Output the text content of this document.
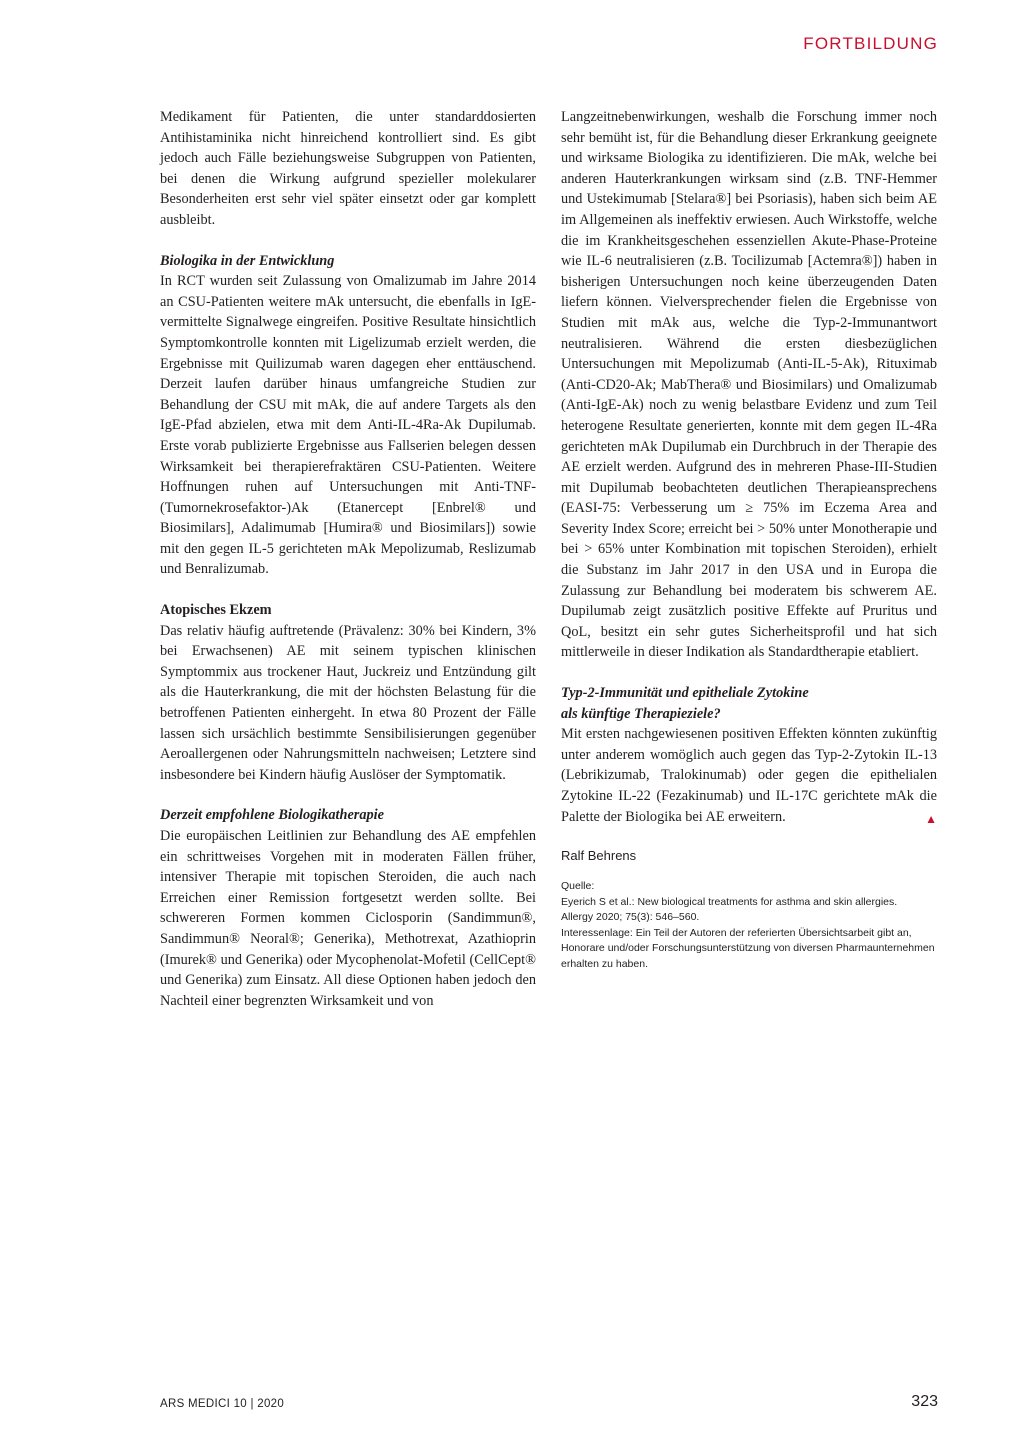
FORTBILDUNG

Medikament für Patienten, die unter standarddosierten Antihistaminika nicht hinreichend kontrolliert sind. Es gibt jedoch auch Fälle beziehungsweise Subgruppen von Patienten, bei denen die Wirkung aufgrund spezieller molekularer Besonderheiten erst sehr viel später einsetzt oder gar komplett ausbleibt.

Biologika in der Entwicklung

In RCT wurden seit Zulassung von Omalizumab im Jahre 2014 an CSU-Patienten weitere mAk untersucht, die ebenfalls in IgE-vermittelte Signalwege eingreifen. Positive Resultate hinsichtlich Symptomkontrolle konnten mit Ligelizumab erzielt werden, die Ergebnisse mit Quilizumab waren dagegen eher enttäuschend. Derzeit laufen darüber hinaus umfangreiche Studien zur Behandlung der CSU mit mAk, die auf andere Targets als den IgE-Pfad abzielen, etwa mit dem Anti-IL-4Ra-Ak Dupilumab. Erste vorab publizierte Ergebnisse aus Fallserien belegen dessen Wirksamkeit bei therapierefraktären CSU-Patienten. Weitere Hoffnungen ruhen auf Untersuchungen mit Anti-TNF-(Tumornekrosefaktor-)Ak (Etanercept [Enbrel® und Biosimilars], Adalimumab [Humira® und Biosimilars]) sowie mit den gegen IL-5 gerichteten mAk Mepolizumab, Reslizumab und Benralizumab.

Atopisches Ekzem

Das relativ häufig auftretende (Prävalenz: 30% bei Kindern, 3% bei Erwachsenen) AE mit seinem typischen klinischen Symptommix aus trockener Haut, Juckreiz und Entzündung gilt als die Hauterkrankung, die mit der höchsten Belastung für die betroffenen Patienten einhergeht. In etwa 80 Prozent der Fälle lassen sich ursächlich bestimmte Sensibilisierungen gegenüber Aeroallergenen oder Nahrungsmitteln nachweisen; Letztere sind insbesondere bei Kindern häufig Auslöser der Symptomatik.

Derzeit empfohlene Biologikatherapie

Die europäischen Leitlinien zur Behandlung des AE empfehlen ein schrittweises Vorgehen mit in moderaten Fällen früher, intensiver Therapie mit topischen Steroiden, die auch nach Erreichen einer Remission fortgesetzt werden sollte. Bei schwereren Formen kommen Ciclosporin (Sandimmun®, Sandimmun® Neoral®; Generika), Methotrexat, Azathioprin (Imurek® und Generika) oder Mycophenolat-Mofetil (CellCept® und Generika) zum Einsatz. All diese Optionen haben jedoch den Nachteil einer begrenzten Wirksamkeit und von

Langzeitnebenwirkungen, weshalb die Forschung immer noch sehr bemüht ist, für die Behandlung dieser Erkrankung geeignete und wirksame Biologika zu identifizieren. Die mAk, welche bei anderen Hauterkrankungen wirksam sind (z.B. TNF-Hemmer und Ustekimumab [Stelara®] bei Psoriasis), haben sich beim AE im Allgemeinen als ineffektiv erwiesen. Auch Wirkstoffe, welche die im Krankheitsgeschehen essenziellen Akute-Phase-Proteine wie IL-6 neutralisieren (z.B. Tocilizumab [Actemra®]) haben in bisherigen Untersuchungen noch keine überzeugenden Daten liefern können. Vielversprechender fielen die Ergebnisse von Studien mit mAk aus, welche die Typ-2-Immunantwort neutralisieren. Während die ersten diesbezüglichen Untersuchungen mit Mepolizumab (Anti-IL-5-Ak), Rituximab (Anti-CD20-Ak; MabThera® und Biosimilars) und Omalizumab (Anti-IgE-Ak) noch zu wenig belastbare Evidenz und zum Teil heterogene Resultate generierten, konnte mit dem gegen IL-4Ra gerichteten mAk Dupilumab ein Durchbruch in der Therapie des AE erzielt werden. Aufgrund des in mehreren Phase-III-Studien mit Dupilumab beobachteten deutlichen Therapieansprechens (EASI-75: Verbesserung um ≥ 75% im Eczema Area and Severity Index Score; erreicht bei > 50% unter Monotherapie und bei > 65% unter Kombination mit topischen Steroiden), erhielt die Substanz im Jahr 2017 in den USA und in Europa die Zulassung zur Behandlung bei moderatem bis schwerem AE. Dupilumab zeigt zusätzlich positive Effekte auf Pruritus und QoL, besitzt ein sehr gutes Sicherheitsprofil und hat sich mittlerweile in dieser Indikation als Standardtherapie etabliert.

Typ-2-Immunität und epitheliale Zytokine
als künftige Therapieziele?

Mit ersten nachgewiesenen positiven Effekten könnten zukünftig unter anderem womöglich auch gegen das Typ-2-Zytokin IL-13 (Lebrikizumab, Tralokinumab) oder gegen die epithelialen Zytokine IL-22 (Fezakinumab) und IL-17C gerichtete mAk die Palette der Biologika bei AE erweitern.	▲

Ralf Behrens
Quelle:
Eyerich S et al.: New biological treatments for asthma and skin allergies.
Allergy 2020; 75(3): 546–560.
Interessenlage: Ein Teil der Autoren der referierten Übersichtsarbeit gibt an, Honorare und/oder Forschungsunterstützung von diversen Pharmaunternehmen erhalten zu haben.
ARS MEDICI 10 | 2020	323
